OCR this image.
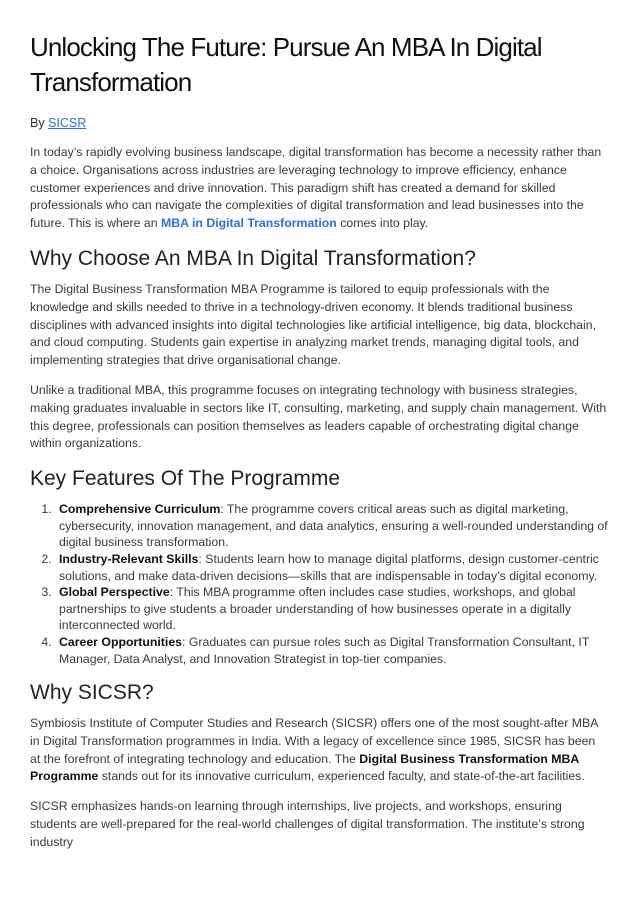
Unlocking The Future: Pursue An MBA In Digital Transformation
By SICSR

In today’s rapidly evolving business landscape, digital transformation has become a necessity rather than a choice. Organisations across industries are leveraging technology to improve efficiency, enhance customer experiences and drive innovation. This paradigm shift has created a demand for skilled professionals who can navigate the complexities of digital transformation and lead businesses into the future. This is where an MBA in Digital Transformation comes into play.

Why Choose An MBA In Digital Transformation?

The Digital Business Transformation MBA Programme is tailored to equip professionals with the knowledge and skills needed to thrive in a technology-driven economy. It blends traditional business disciplines with advanced insights into digital technologies like artificial intelligence, big data, blockchain, and cloud computing. Students gain expertise in analyzing market trends, managing digital tools, and implementing strategies that drive organisational change.

Unlike a traditional MBA, this programme focuses on integrating technology with business strategies, making graduates invaluable in sectors like IT, consulting, marketing, and supply chain management. With this degree, professionals can position themselves as leaders capable of orchestrating digital change within organizations.

Key Features Of The Programme
1. Comprehensive Curriculum: The programme covers critical areas such as digital marketing, cybersecurity, innovation management, and data analytics, ensuring a well-rounded understanding of digital business transformation.
2. Industry-Relevant Skills: Students learn how to manage digital platforms, design customer-centric solutions, and make data-driven decisions—skills that are indispensable in today’s digital economy.
3. Global Perspective: This MBA programme often includes case studies, workshops, and global partnerships to give students a broader understanding of how businesses operate in a digitally interconnected world.
4. Career Opportunities: Graduates can pursue roles such as Digital Transformation Consultant, IT Manager, Data Analyst, and Innovation Strategist in top-tier companies.
Why SICSR?

Symbiosis Institute of Computer Studies and Research (SICSR) offers one of the most sought-after MBA in Digital Transformation programmes in India. With a legacy of excellence since 1985, SICSR has been at the forefront of integrating technology and education. The Digital Business Transformation MBA Programme stands out for its innovative curriculum, experienced faculty, and state-of-the-art facilities.

SICSR emphasizes hands-on learning through internships, live projects, and workshops, ensuring students are well-prepared for the real-world challenges of digital transformation. The institute’s strong industry
